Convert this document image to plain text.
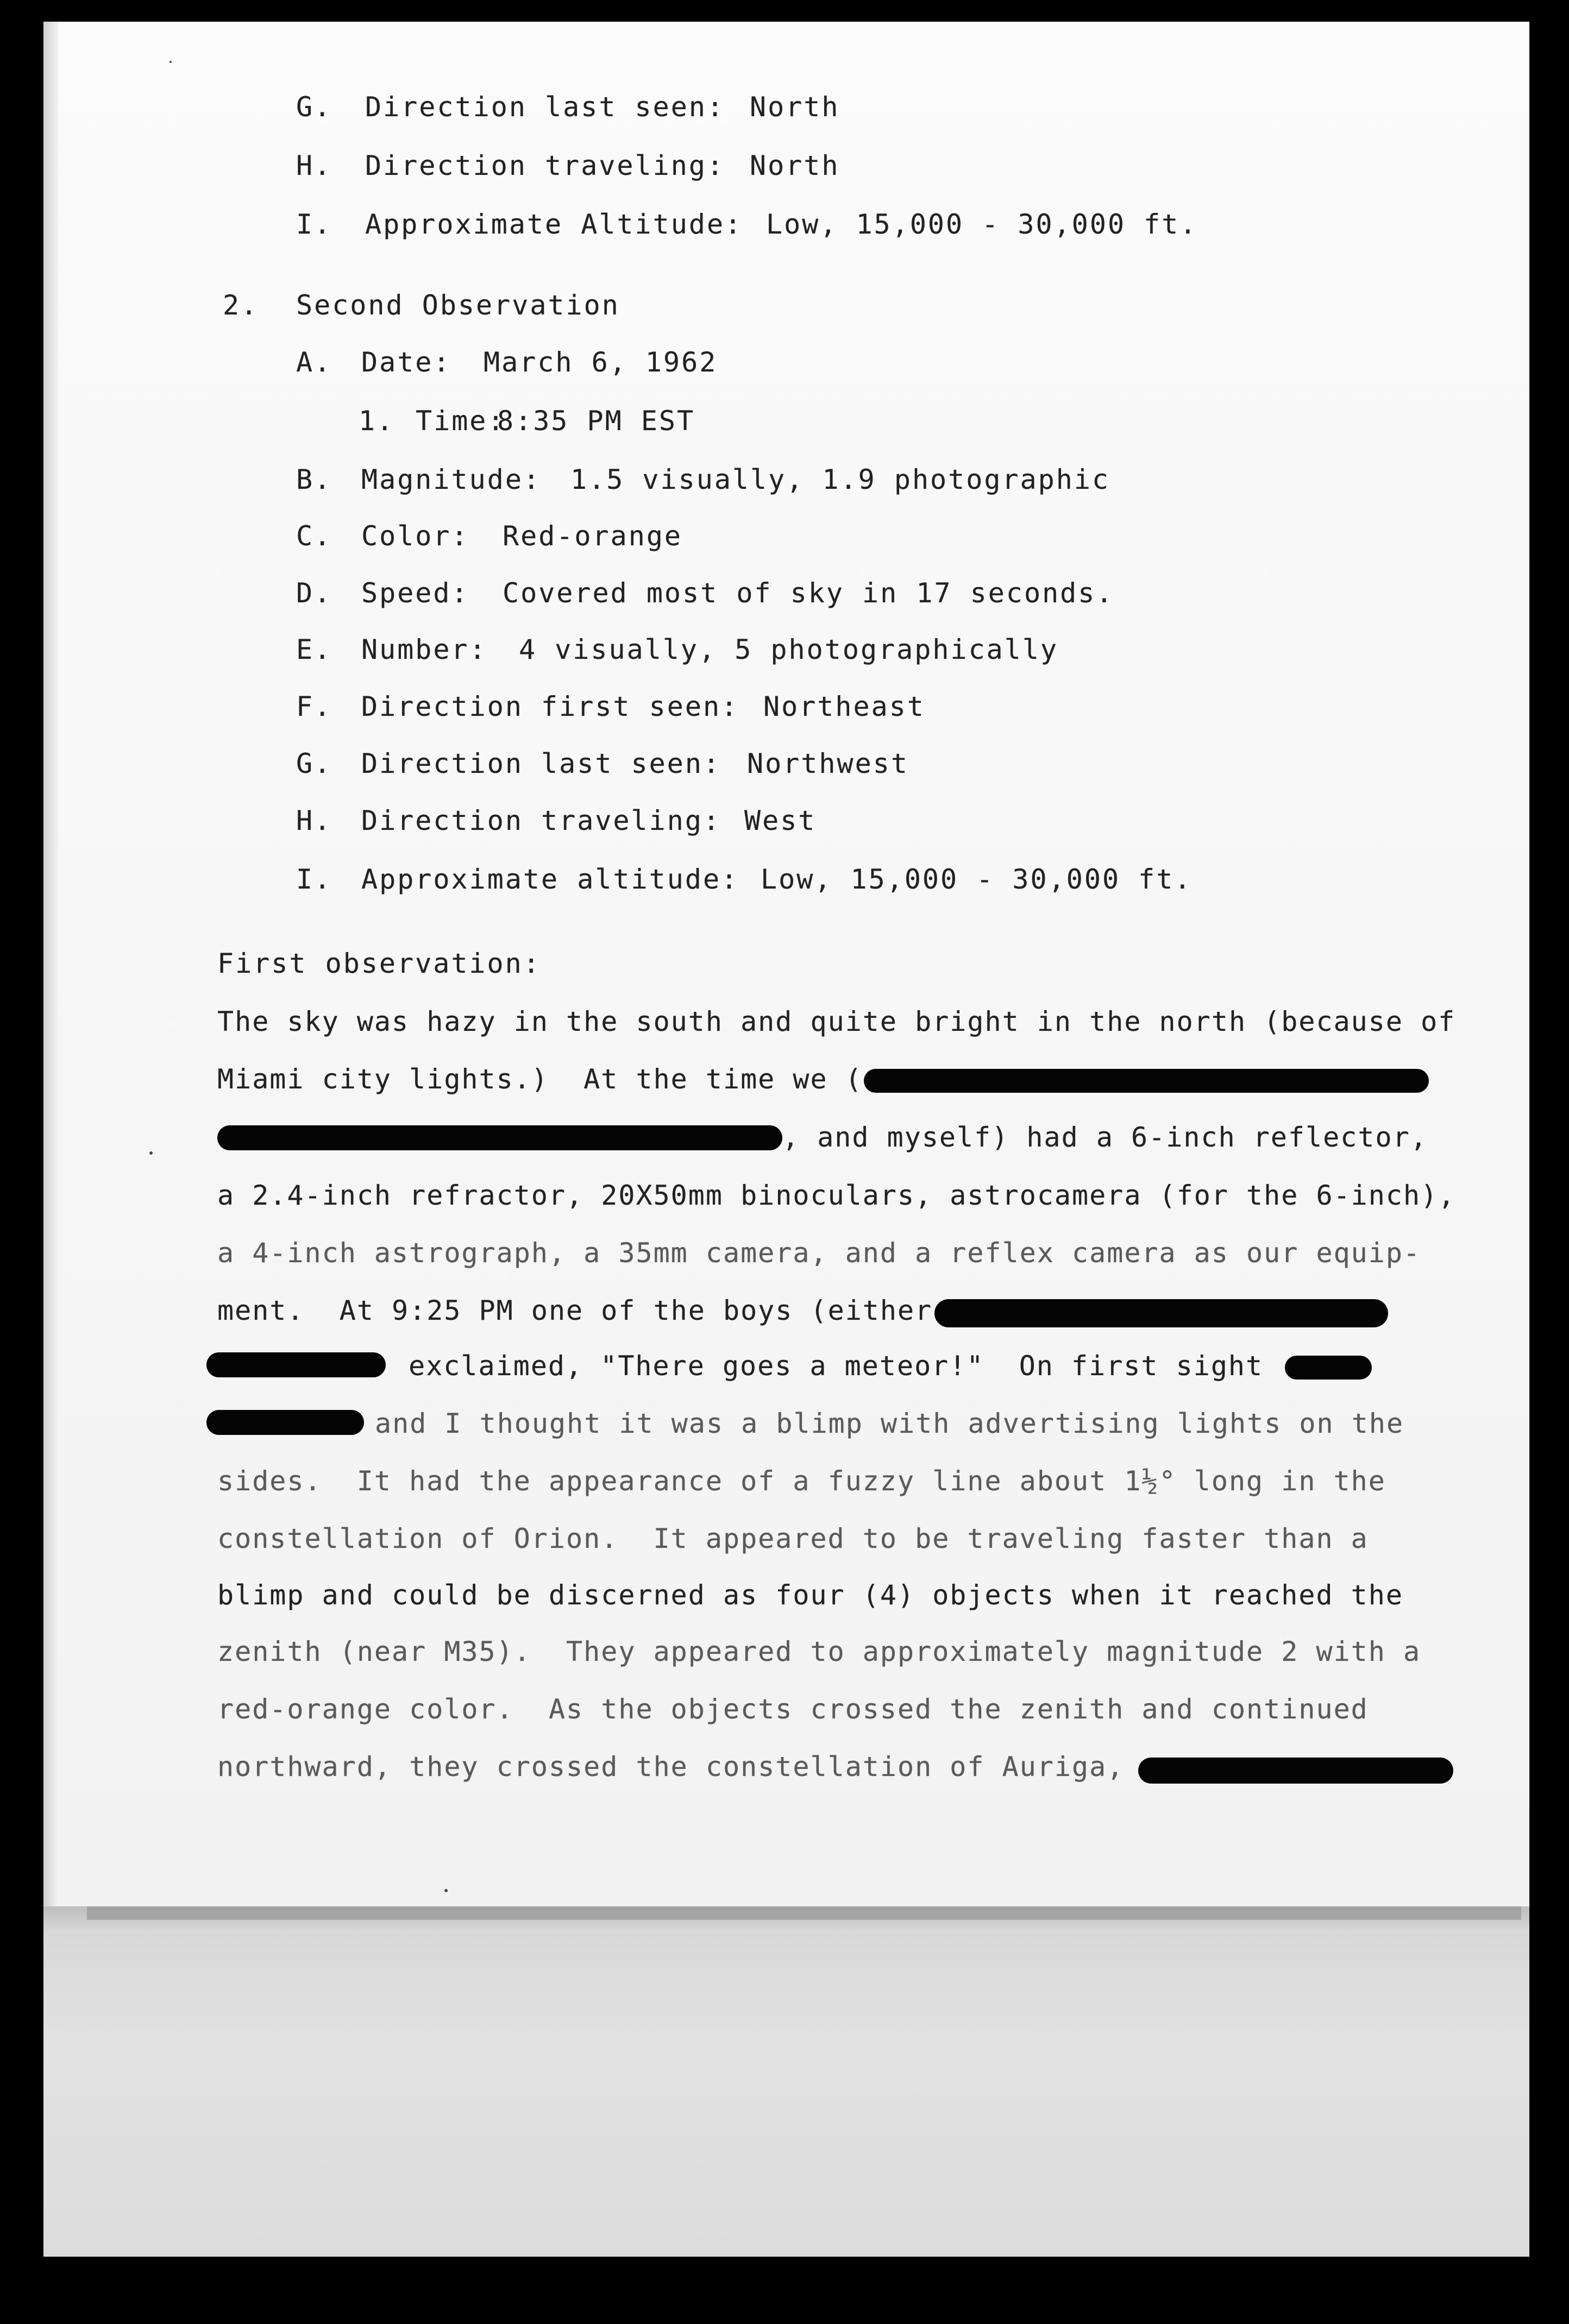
G. Direction last seen: North
H. Direction traveling: North
I. Approximate Altitude: Low, 15,000 - 30,000 ft.
2. Second Observation
A. Date: March 6, 1962
1. Time:
8:35 PM EST
B. Magnitude: 1.5 visually, 1.9 photographic
C. Color: Red-orange
D. Speed: Covered most of sky in 17 seconds.
E. Number: 4 visually, 5 photographically
F. Direction first seen: Northeast
G. Direction last seen: Northwest
H. Direction traveling: West
I. Approximate altitude: Low, 15,000 - 30,000 ft.
First observation:
The sky was hazy in the south and quite bright in the north (because of
Miami city lights.)  At the time we (
, and myself) had a 6-inch reflector,
a 2.4-inch refractor, 20X50mm binoculars, astrocamera (for the 6-inch),
a 4-inch astrograph, a 35mm camera, and a reflex camera as our equip-
ment.  At 9:25 PM one of the boys (either
exclaimed, "There goes a meteor!"  On first sight
and I thought it was a blimp with advertising lights on the
sides.  It had the appearance of a fuzzy line about 1½° long in the
constellation of Orion.  It appeared to be traveling faster than a
blimp and could be discerned as four (4) objects when it reached the
zenith (near M35).  They appeared to approximately magnitude 2 with a
red-orange color.  As the objects crossed the zenith and continued
northward, they crossed the constellation of Auriga,
